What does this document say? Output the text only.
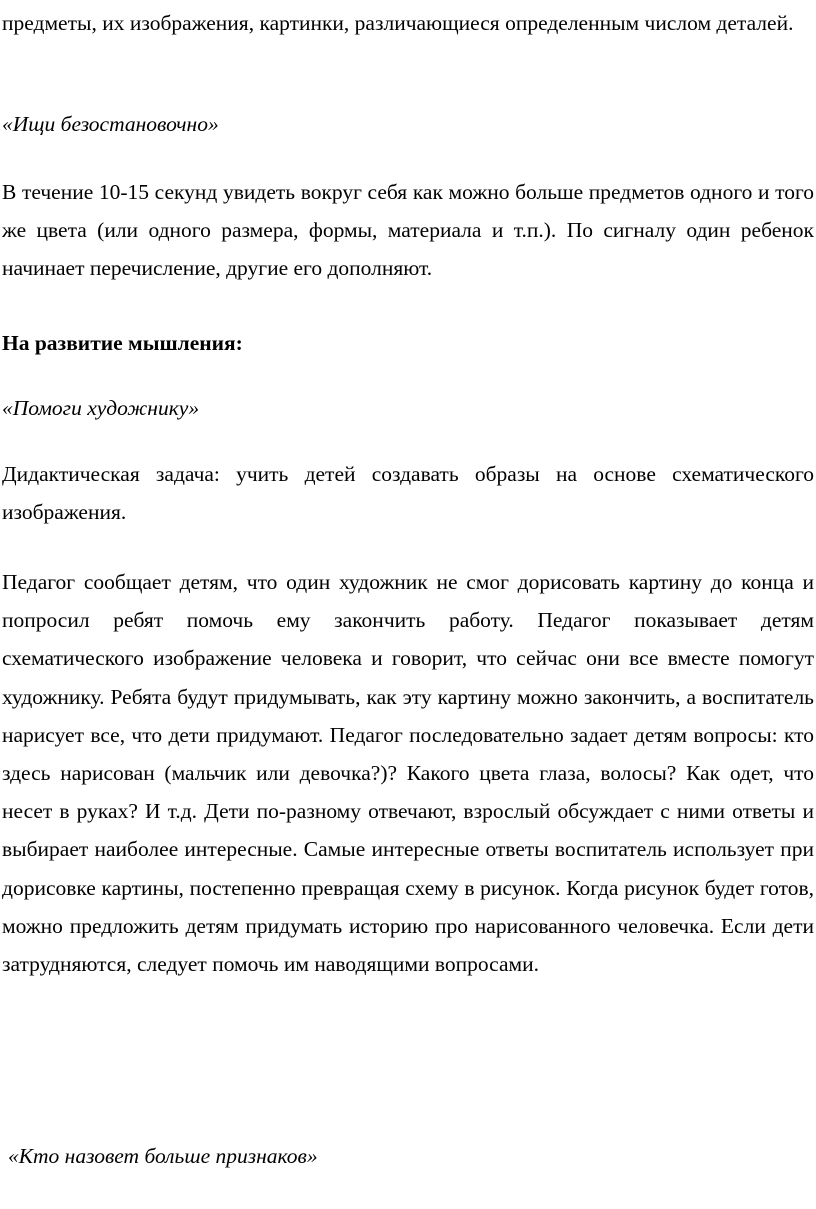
предметы, их изображения, картинки, различающиеся определенным числом деталей.

«Ищи безостановочно»

В течение 10-15 секунд увидеть вокруг себя как можно больше предметов одного и того же цвета (или одного размера, формы, материала и т.п.). По сигналу один ребенок начинает перечисление, другие его дополняют.

На развитие мышления:

«Помоги художнику»

Дидактическая задача: учить детей создавать образы на основе схематического изображения.

Педагог сообщает детям, что один художник не смог дорисовать картину до конца и попросил ребят помочь ему закончить работу. Педагог показывает детям схематического изображение человека и говорит, что сейчас они все вместе помогут художнику. Ребята будут придумывать, как эту картину можно закончить, а воспитатель нарисует все, что дети придумают. Педагог последовательно задает детям вопросы: кто здесь нарисован (мальчик или девочка?)? Какого цвета глаза, волосы? Как одет, что несет в руках? И т.д. Дети по-разному отвечают, взрослый обсуждает с ними ответы и выбирает наиболее интересные. Самые интересные ответы воспитатель использует при дорисовке картины, постепенно превращая схему в рисунок. Когда рисунок будет готов, можно предложить детям придумать историю про нарисованного человечка. Если дети затрудняются, следует помочь им наводящими вопросами.

«Кто назовет больше признаков»
